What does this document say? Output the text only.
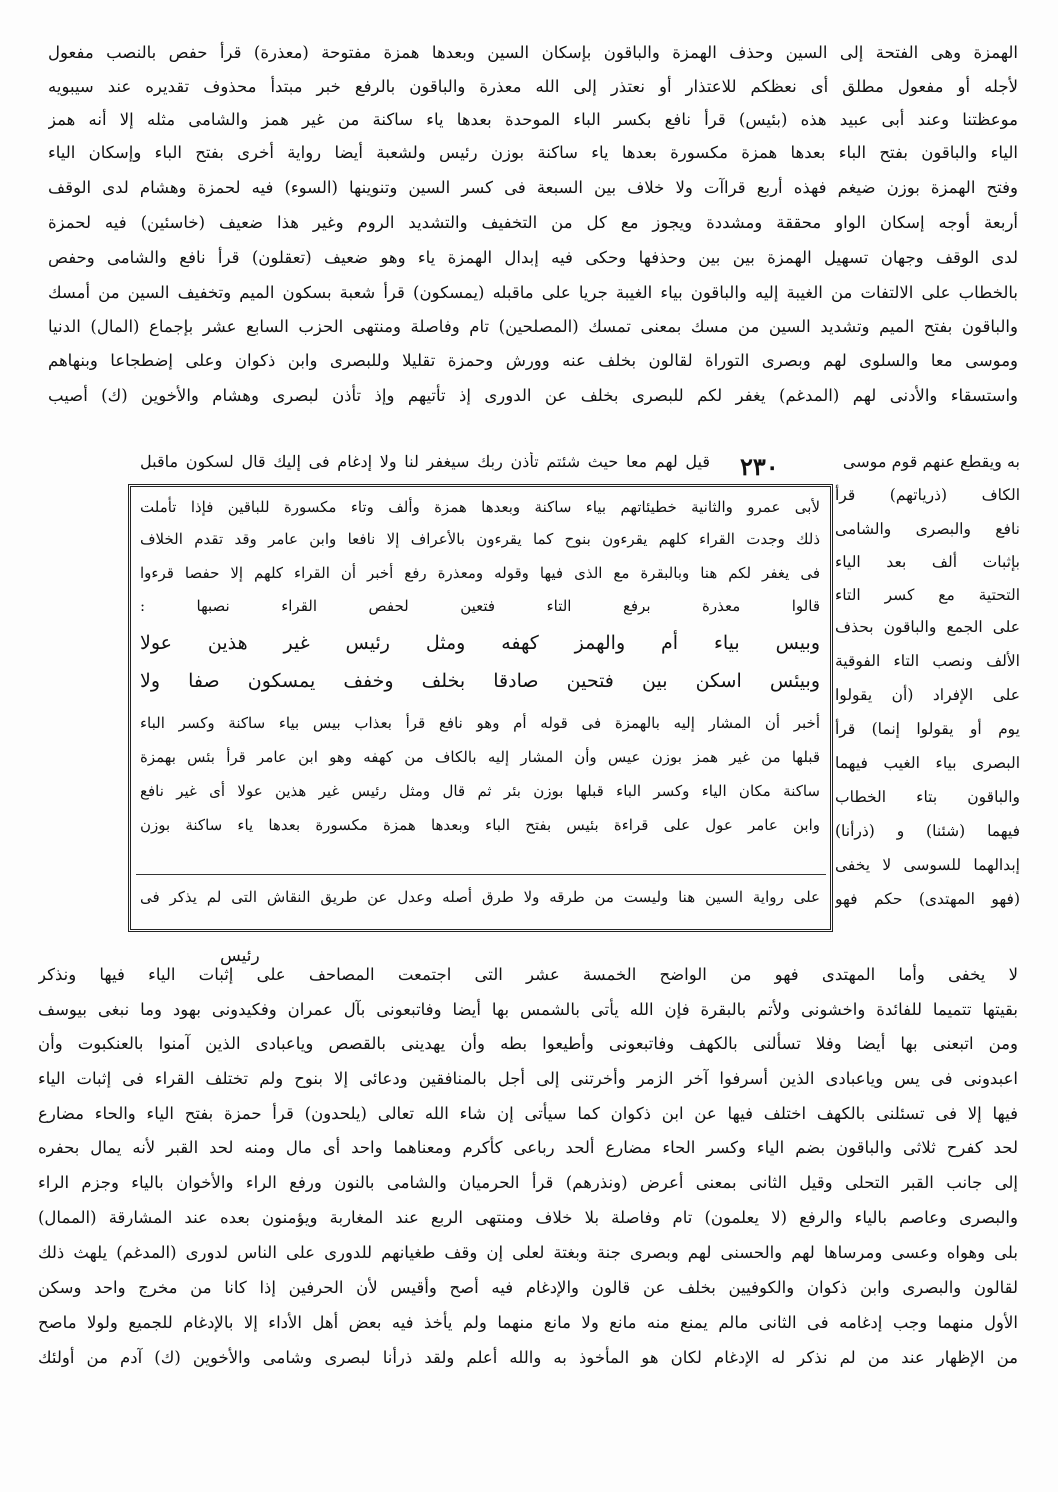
الهمزة وهى الفتحة إلى السين وحذف الهمزة والباقون بإسكان السين وبعدها همزة مفتوحة (معذرة) قرأ حفص بالنصب مفعول
لأجله أو مفعول مطلق أى نعظكم للاعتذار أو نعتذر إلى الله معذرة والباقون بالرفع خبر مبتدأ محذوف تقديره عند سيبويه
موعظتنا وعند أبى عبيد هذه (بئيس) قرأ نافع بكسر الباء الموحدة بعدها ياء ساكنة من غير همز والشامى مثله إلا أنه همز
الياء والباقون بفتح الباء بعدها همزة مكسورة بعدها ياء ساكنة بوزن رئيس ولشعبة أيضا رواية أخرى بفتح الباء وإسكان الياء
وفتح الهمزة بوزن ضيغم فهذه أربع قراآت ولا خلاف بين السبعة فى كسر السين وتنوينها (السوء) فيه لحمزة وهشام لدى الوقف
أربعة أوجه إسكان الواو محققة ومشددة ويجوز مع كل من التخفيف والتشديد الروم وغير هذا ضعيف (خاسئين) فيه لحمزة
لدى الوقف وجهان تسهيل الهمزة بين بين وحذفها وحكى فيه إبدال الهمزة ياء وهو ضعيف (تعقلون) قرأ نافع والشامى وحفص
بالخطاب على الالتفات من الغيبة إليه والباقون بياء الغيبة جريا على ماقبله (يمسكون) قرأ شعبة بسكون الميم وتخفيف السين من أمسك
والباقون بفتح الميم وتشديد السين من مسك بمعنى تمسك (المصلحين) تام وفاصلة ومنتهى الحزب السابع عشر بإجماع (المال) الدنيا
وموسى معا والسلوى لهم وبصرى التوراة لقالون بخلف عنه وورش وحمزة تقليلا وللبصرى وابن ذكوان وعلى إضطجاعا وبنهاهم
واستسقاء والأدنى لهم (المدغم) يغفر لكم للبصرى بخلف عن الدورى إذ تأتيهم وإذ تأذن لبصرى وهشام والأخوين (ك) أصيب
قيل لهم معا حيث شئتم تأذن ربك سيغفر لنا ولا إدغام فى إليك قال لسكون ماقبل ٢٣٠	به ويقطع عنهم قوم موسى
الكاف (ذرياتهم) قرأ
نافع والبصرى والشامى
بإثبات ألف بعد الياء
التحتية مع كسر التاء
على الجمع والباقون بحذف
الألف ونصب التاء الفوقية
على الإفراد (أن يقولوا
يوم أو يقولوا إنما) قرأ
البصرى بياء الغيب فيهما
والباقون بتاء الخطاب
فيهما (شئنا) و (ذرأنا)
إبدالهما للسوسى لا يخفى
(فهو المهتدى) حكم فهو
لأبى عمرو والثانية خطيئاتهم بياء ساكنة وبعدها همزة وألف وتاء مكسورة للباقين فإذا تأملت
ذلك وجدت القراء كلهم يقرءون بنوح كما يقرءون بالأعراف إلا نافعا وابن عامر وقد تقدم الخلاف
فى يغفر لكم هنا وبالبقرة مع الذى فيها وقوله ومعذرة رفع أخبر أن القراء كلهم إلا حفصا قرءوا
قالوا معذرة برفع التاء فتعين لحفص القراء نصبها :
وبيس بياء أم والهمز كهفه ومثل رئيس غير هذين عولا
وبيئس اسكن بين فتحين صادقا بخلف وخفف يمسكون صفا ولا
أخبر أن المشار إليه بالهمزة فى قوله أم وهو نافع قرأ بعذاب بيس بياء ساكنة وكسر الباء
قبلها من غير همز بوزن عيس وأن المشار إليه بالكاف من كهفه وهو ابن عامر قرأ بئس بهمزة
ساكنة مكان الياء وكسر الباء قبلها بوزن بئر ثم قال ومثل رئيس غير هذين عولا أى غير نافع
وابن عامر عول على قراءة بئيس بفتح الباء وبعدها همزة مكسورة بعدها ياء ساكنة بوزن
على رواية السين هنا وليست من طرقه ولا طرق أصله وعدل عن طريق النقاش التى لم يذكر فى
رئيس
لا يخفى وأما المهتدى فهو من الواضح الخمسة عشر التى اجتمعت المصاحف على إثبات الياء فيها ونذكر
بقيتها تتميما للفائدة واخشونى ولأتم بالبقرة فإن الله يأتى بالشمس بها أيضا وفاتبعونى بآل عمران وفكيدونى بهود وما نبغى بيوسف
ومن اتبعنى بها أيضا وفلا تسألنى بالكهف وفاتبعونى وأطيعوا بطه وأن يهدينى بالقصص وياعبادى الذين آمنوا بالعنكبوت وأن
اعبدونى فى يس وياعبادى الذين أسرفوا آخر الزمر وأخرتنى إلى أجل بالمنافقين ودعائى إلا بنوح ولم تختلف القراء فى إثبات الياء
فيها إلا فى تسئلنى بالكهف اختلف فيها عن ابن ذكوان كما سيأتى إن شاء الله تعالى (يلحدون) قرأ حمزة بفتح الياء والحاء مضارع
لحد كفرح ثلاثى والباقون بضم الياء وكسر الحاء مضارع ألحد رباعى كأكرم ومعناهما واحد أى مال ومنه لحد القبر لأنه يمال بحفره
إلى جانب القبر التحلى وقيل الثانى بمعنى أعرض (ونذرهم) قرأ الحرميان والشامى بالنون ورفع الراء والأخوان بالياء وجزم الراء
والبصرى وعاصم بالياء والرفع (لا يعلمون) تام وفاصلة بلا خلاف ومنتهى الربع عند المغاربة ويؤمنون بعده عند المشارقة (الممال)
بلى وهواه وعسى ومرساها لهم والحسنى لهم وبصرى جنة وبغتة لعلى إن وقف طغيانهم للدورى على الناس لدورى (المدغم) يلهث ذلك
لقالون والبصرى وابن ذكوان والكوفيين بخلف عن قالون والإدغام فيه أصح وأقيس لأن الحرفين إذا كانا من مخرج واحد وسكن
الأول منهما وجب إدغامه فى الثانى مالم يمنع منه مانع ولا مانع منهما ولم يأخذ فيه بعض أهل الأداء إلا بالإدغام للجميع ولولا ماصح
من الإظهار عند من لم نذكر له الإدغام لكان هو المأخوذ به والله أعلم ولقد ذرأنا لبصرى وشامى والأخوين (ك) آدم من أولئك
